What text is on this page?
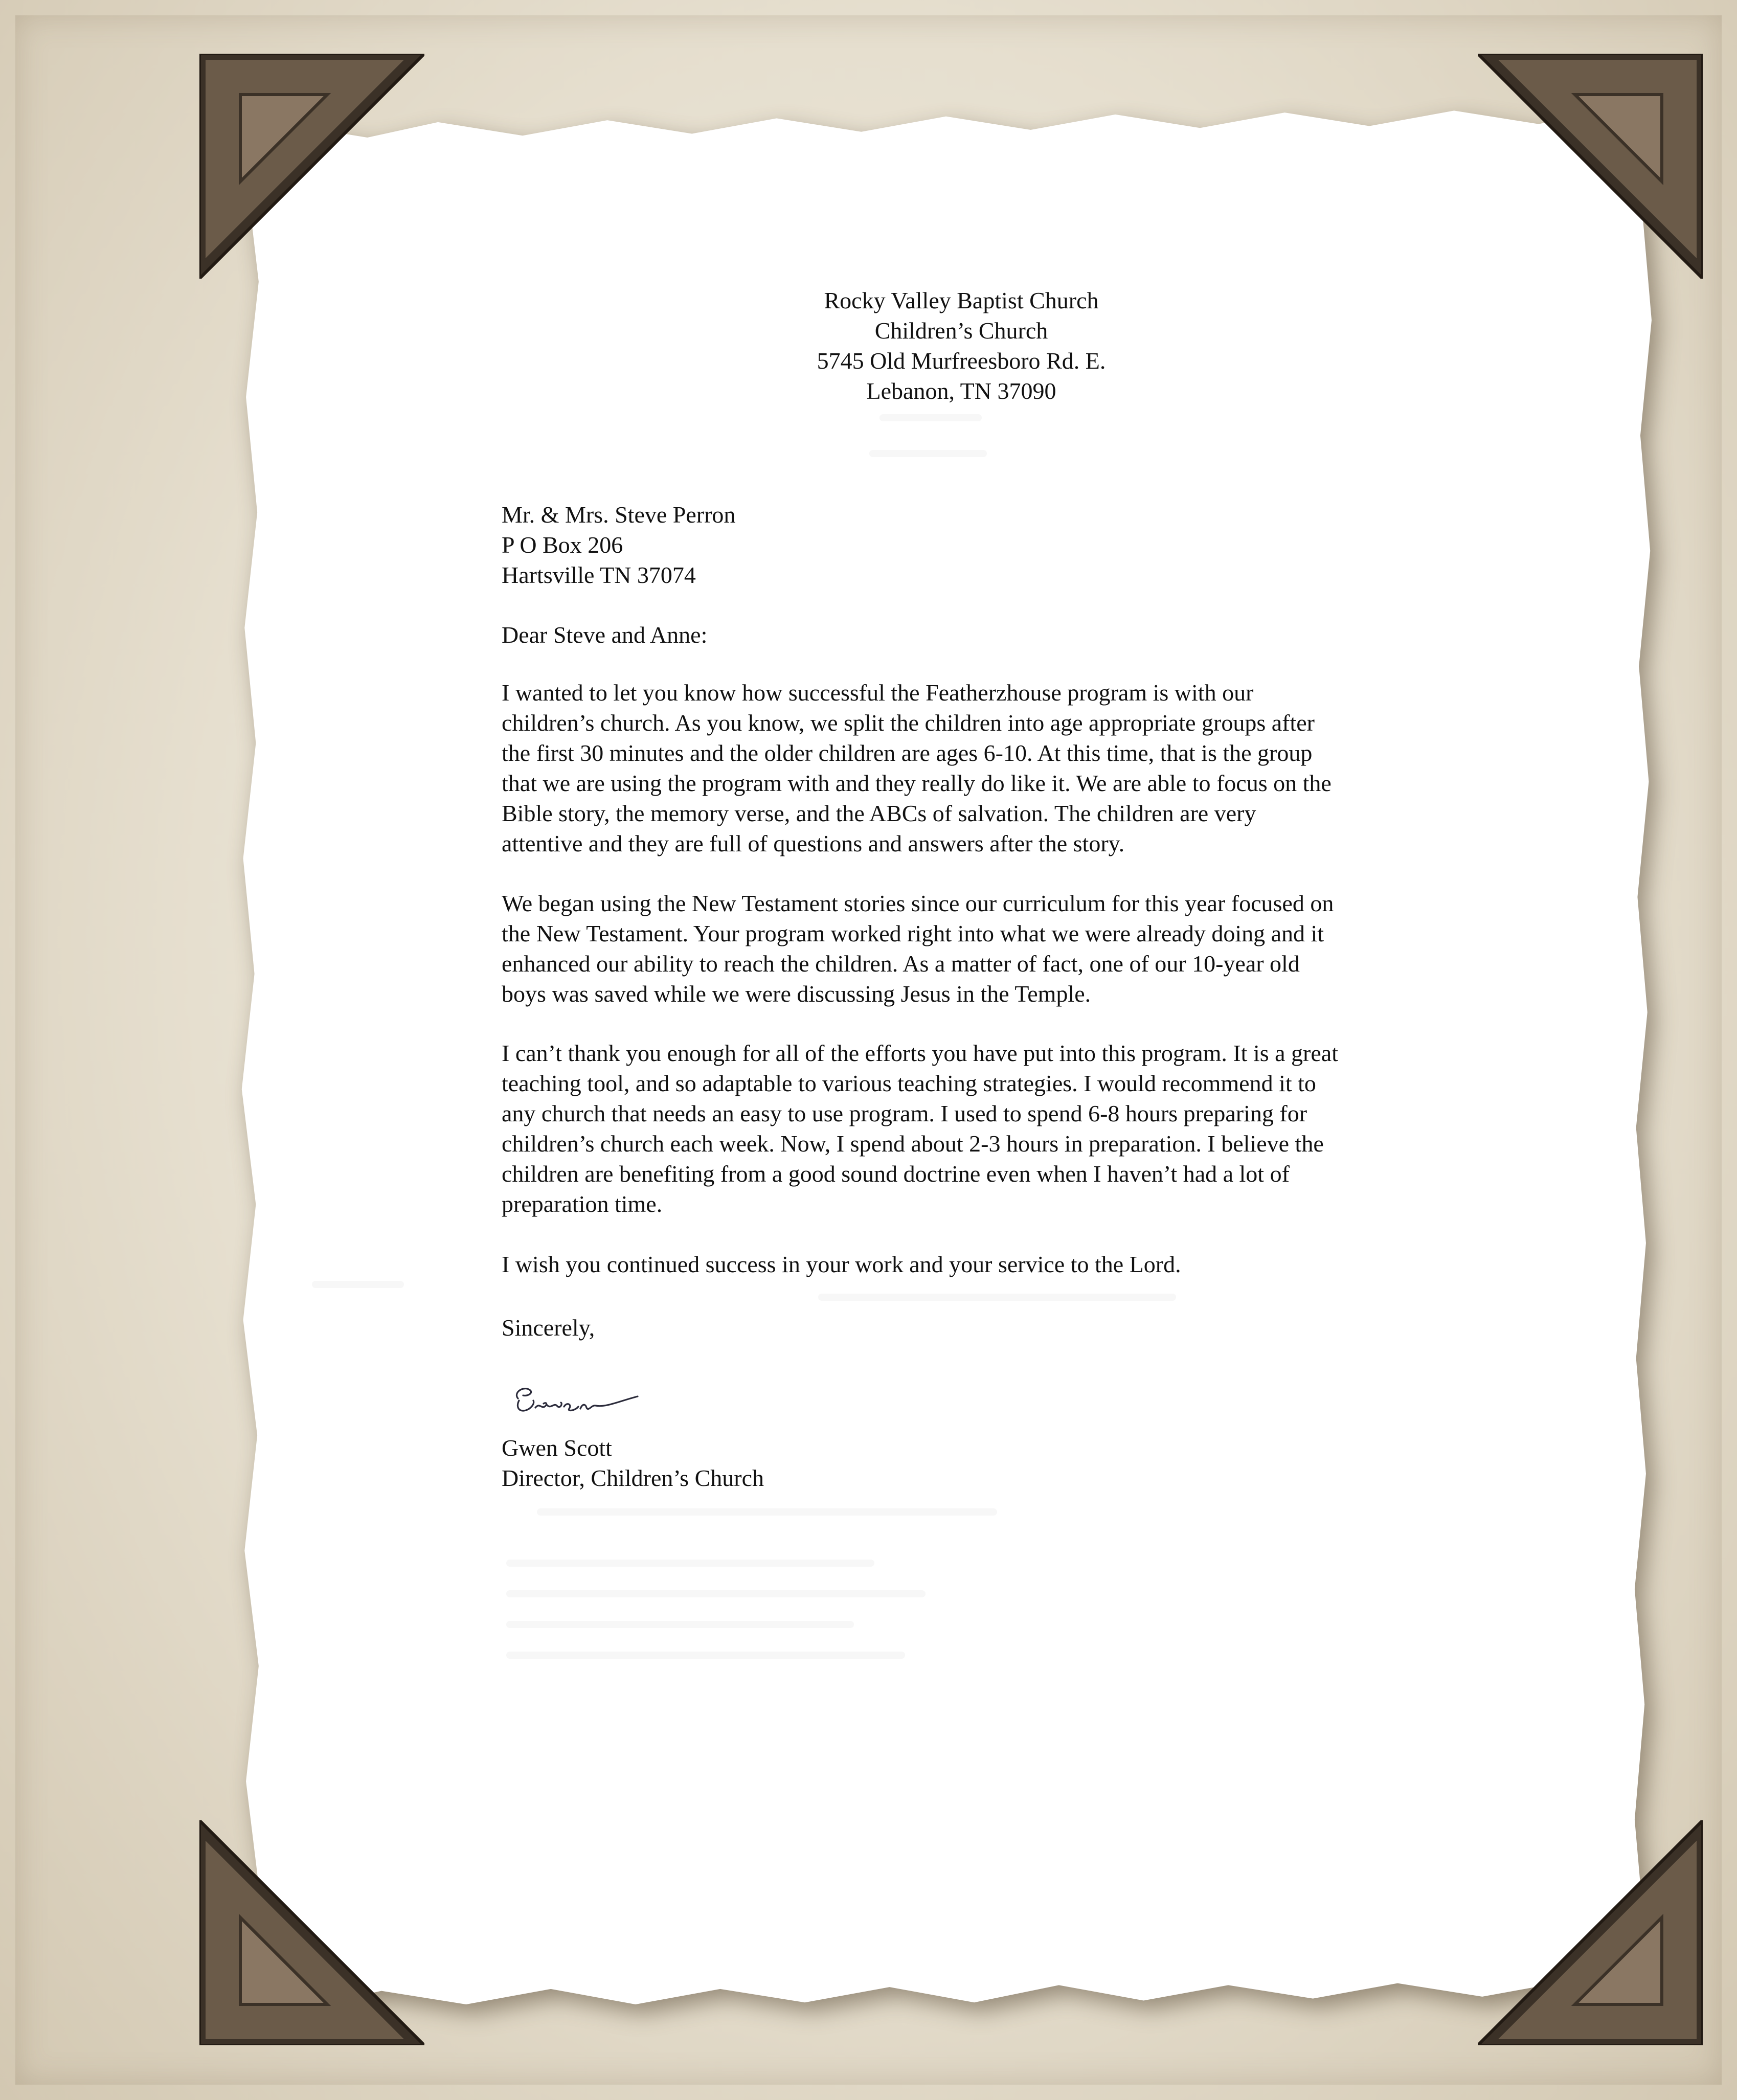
Rocky Valley Baptist Church
Children’s Church
5745 Old Murfreesboro Rd. E.
Lebanon, TN 37090
Mr. & Mrs. Steve Perron
P O Box 206
Hartsville TN 37074
Dear Steve and Anne:
I wanted to let you know how successful the Featherzhouse program is with our
children’s church. As you know, we split the children into age appropriate groups after
the first 30 minutes and the older children are ages 6-10. At this time, that is the group
that we are using the program with and they really do like it. We are able to focus on the
Bible story, the memory verse, and the ABCs of salvation. The children are very
attentive and they are full of questions and answers after the story.
We began using the New Testament stories since our curriculum for this year focused on
the New Testament. Your program worked right into what we were already doing and it
enhanced our ability to reach the children. As a matter of fact, one of our 10-year old
boys was saved while we were discussing Jesus in the Temple.
I can’t thank you enough for all of the efforts you have put into this program. It is a great
teaching tool, and so adaptable to various teaching strategies. I would recommend it to
any church that needs an easy to use program. I used to spend 6-8 hours preparing for
children’s church each week. Now, I spend about 2-3 hours in preparation. I believe the
children are benefiting from a good sound doctrine even when I haven’t had a lot of
preparation time.
I wish you continued success in your work and your service to the Lord.
Sincerely,
Gwen Scott
Director, Children’s Church
